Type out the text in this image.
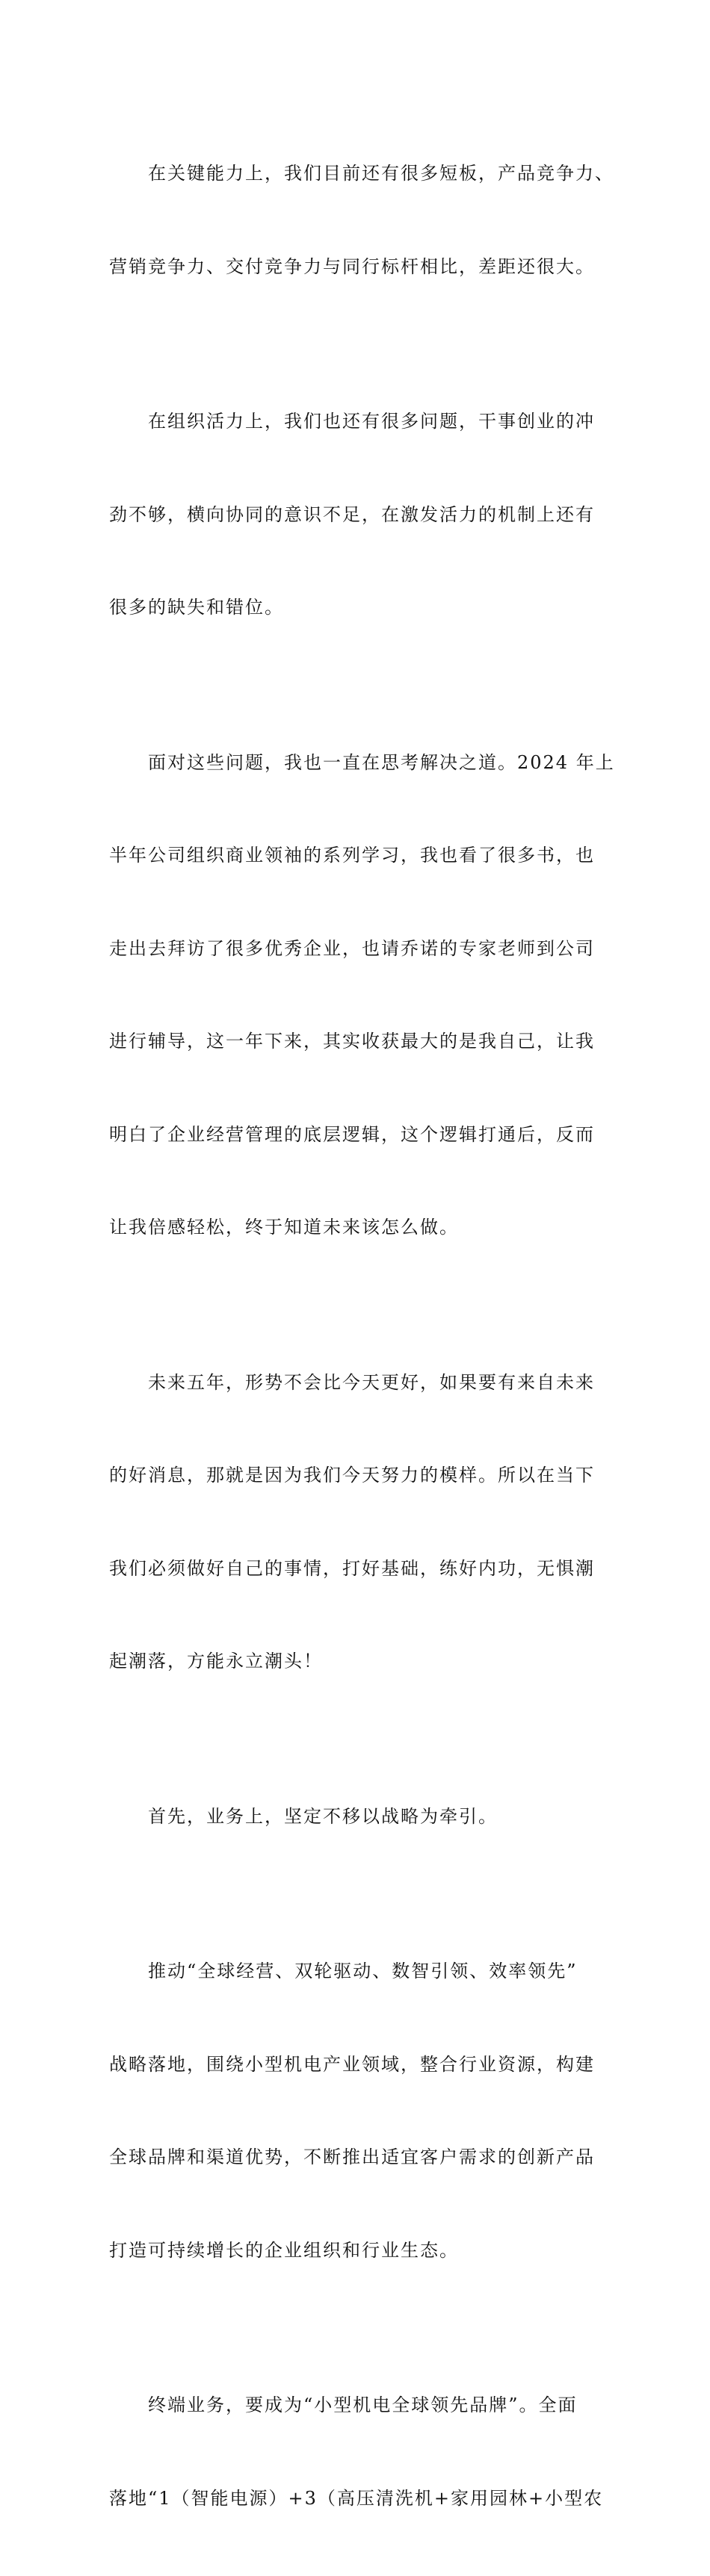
在关键能力上，我们目前还有很多短板，产品竞争力、

营销竞争力、交付竞争力与同行标杆相比，差距还很大。

在组织活力上，我们也还有很多问题，干事创业的冲

劲不够，横向协同的意识不足，在激发活力的机制上还有

很多的缺失和错位。

面对这些问题，我也一直在思考解决之道。2024 年上

半年公司组织商业领袖的系列学习，我也看了很多书，也

走出去拜访了很多优秀企业，也请乔诺的专家老师到公司

进行辅导，这一年下来，其实收获最大的是我自己，让我

明白了企业经营管理的底层逻辑，这个逻辑打通后，反而

让我倍感轻松，终于知道未来该怎么做。

未来五年，形势不会比今天更好，如果要有来自未来

的好消息，那就是因为我们今天努力的模样。所以在当下

我们必须做好自己的事情，打好基础，练好内功，无惧潮

起潮落，方能永立潮头！

首先，业务上，坚定不移以战略为牵引。

推动“全球经营、双轮驱动、数智引领、效率领先”

战略落地，围绕小型机电产业领域，整合行业资源，构建

全球品牌和渠道优势，不断推出适宜客户需求的创新产品

打造可持续增长的企业组织和行业生态。

终端业务，要成为“小型机电全球领先品牌”。全面

落地“1（智能电源）+3（高压清洗机+家用园林+小型农
